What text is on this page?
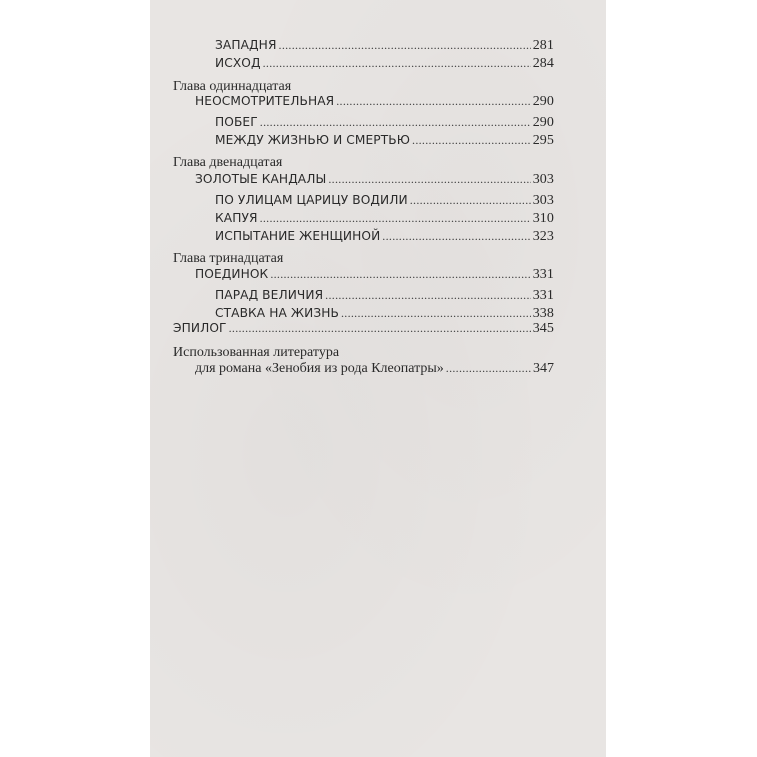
ЗАПАДНЯ .....	281
ИСХОД .....	284
Глава одиннадцатая
НЕОСМОТРИТЕЛЬНАЯ .....	290
ПОБЕГ .....	290
МЕЖДУ ЖИЗНЬЮ И СМЕРТЬЮ .....	295
Глава двенадцатая
ЗОЛОТЫЕ КАНДАЛЫ .....	303
ПО УЛИЦАМ ЦАРИЦУ ВОДИЛИ .....	303
КАПУЯ .....	310
ИСПЫТАНИЕ ЖЕНЩИНОЙ .....	323
Глава тринадцатая
ПОЕДИНОК .....	331
ПАРАД ВЕЛИЧИЯ .....	331
СТАВКА НА ЖИЗНЬ .....	338
ЭПИЛОГ .....	345
Использованная литература
для романа «Зенобия из рода Клеопатры» .....	347
